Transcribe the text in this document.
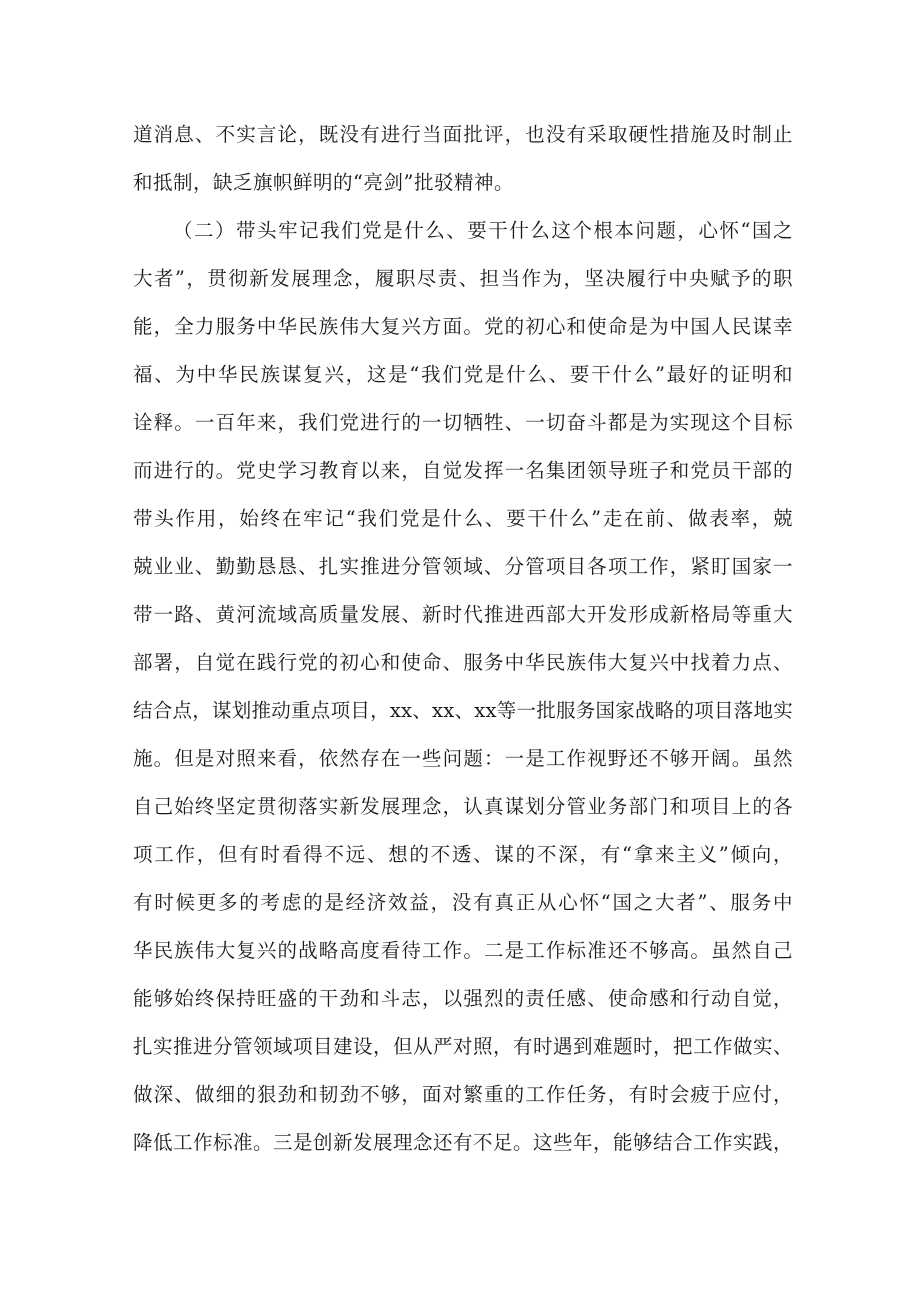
道消息、不实言论，既没有进行当面批评，也没有采取硬性措施及时制止
和抵制，缺乏旗帜鲜明的“亮剑”批驳精神。
（二）带头牢记我们党是什么、要干什么这个根本问题，心怀“国之
大者”，贯彻新发展理念，履职尽责、担当作为，坚决履行中央赋予的职
能，全力服务中华民族伟大复兴方面。党的初心和使命是为中国人民谋幸
福、为中华民族谋复兴，这是“我们党是什么、要干什么”最好的证明和
诠释。一百年来，我们党进行的一切牺牲、一切奋斗都是为实现这个目标
而进行的。党史学习教育以来，自觉发挥一名集团领导班子和党员干部的
带头作用，始终在牢记“我们党是什么、要干什么”走在前、做表率，兢
兢业业、勤勤恳恳、扎实推进分管领域、分管项目各项工作，紧盯国家一
带一路、黄河流域高质量发展、新时代推进西部大开发形成新格局等重大
部署，自觉在践行党的初心和使命、服务中华民族伟大复兴中找着力点、
结合点，谋划推动重点项目，xx、xx、xx等一批服务国家战略的项目落地实
施。但是对照来看，依然存在一些问题：一是工作视野还不够开阔。虽然
自己始终坚定贯彻落实新发展理念，认真谋划分管业务部门和项目上的各
项工作，但有时看得不远、想的不透、谋的不深，有“拿来主义”倾向，
有时候更多的考虑的是经济效益，没有真正从心怀“国之大者”、服务中
华民族伟大复兴的战略高度看待工作。二是工作标准还不够高。虽然自己
能够始终保持旺盛的干劲和斗志，以强烈的责任感、使命感和行动自觉，
扎实推进分管领域项目建设，但从严对照，有时遇到难题时，把工作做实、
做深、做细的狠劲和韧劲不够，面对繁重的工作任务，有时会疲于应付，
降低工作标准。三是创新发展理念还有不足。这些年，能够结合工作实践，
